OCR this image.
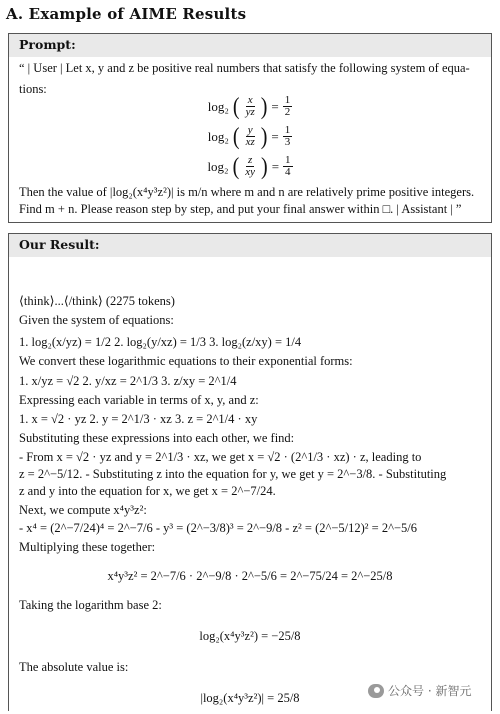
A. Example of AIME Results
Prompt:
“ | User | Let x, y and z be positive real numbers that satisfy the following system of equa-
tions:
log₂ ( $\frac{x}{yz}$ ) = $\frac{1}{2}$
log₂ ( $\frac{y}{xz}$ ) = $\frac{1}{3}$
log₂ ( $\frac{z}{xy}$ ) = $\frac{1}{4}$
Then the value of |log₂(x⁴y³z²)| is m/n where m and n are relatively prime positive integers.
Find m + n. Please reason step by step, and put your final answer within □. | Assistant | ”
Our Result:
⟨think⟩...⟨/think⟩ (2275 tokens)
Given the system of equations:
1. log₂(x/yz) = 1/2 2. log₂(y/xz) = 1/3 3. log₂(z/xy) = 1/4
We convert these logarithmic equations to their exponential forms:
1. x/yz = √2 2. y/xz = 2^1/3 3. z/xy = 2^1/4
Expressing each variable in terms of x, y, and z:
1. x = √2 · yz 2. y = 2^1/3 · xz 3. z = 2^1/4 · xy
Substituting these expressions into each other, we find:
- From x = √2 · yz and y = 2^1/3 · xz, we get x = √2 · (2^1/3 · xz) · z, leading to
z = 2^−5/12. - Substituting z into the equation for y, we get y = 2^−3/8. - Substituting
z and y into the equation for x, we get x = 2^−7/24.
Next, we compute x⁴y³z²:
- x⁴ = (2^−7/24)⁴ = 2^−7/6 - y³ = (2^−3/8)³ = 2^−9/8 - z² = (2^−5/12)² = 2^−5/6
Multiplying these together:
x⁴y³z² = 2^−7/6 · 2^−9/8 · 2^−5/6 = 2^−75/24 = 2^−25/8
Taking the logarithm base 2:
log₂(x⁴y³z²) = −25/8
The absolute value is:
|log₂(x⁴y³z²)| = 25/8	公众号 · 新智元
